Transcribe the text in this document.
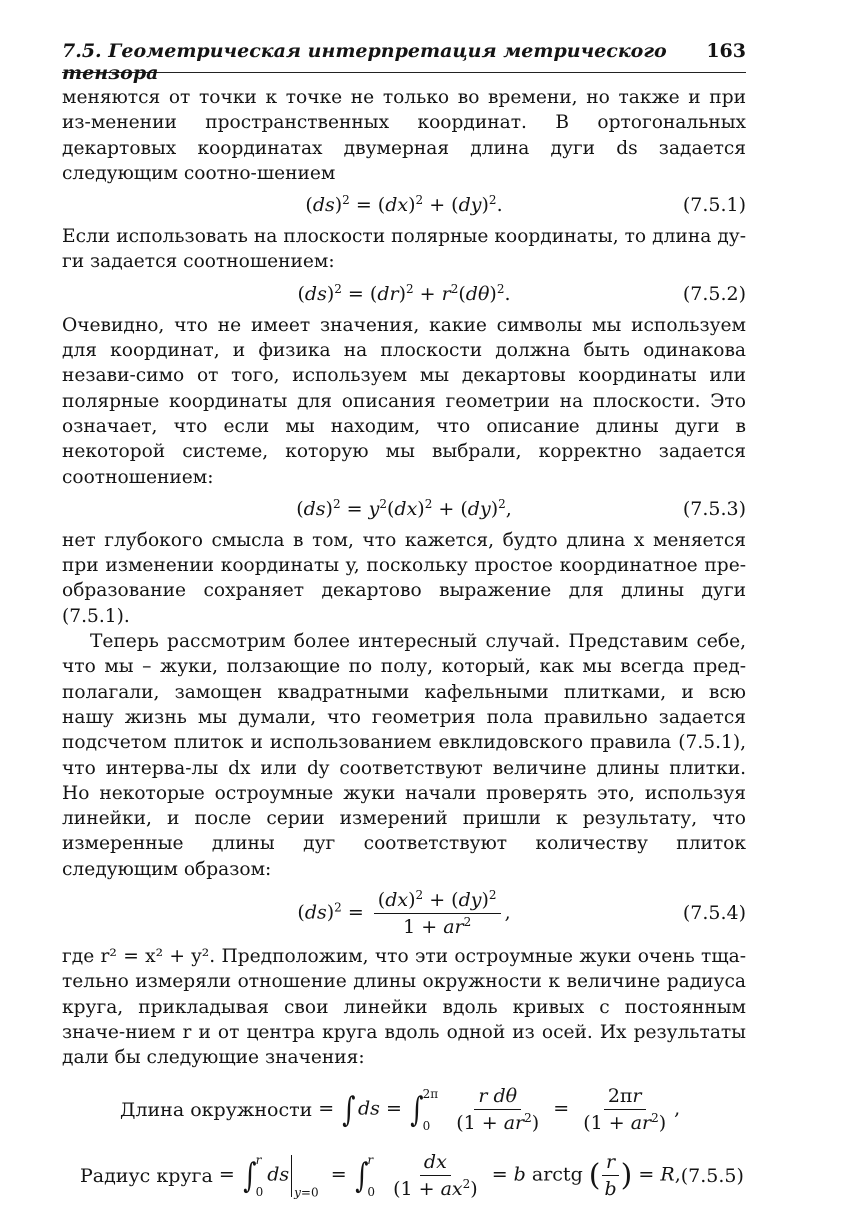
7.5. Геометрическая интерпретация метрического тензора
163

меняются от точки к точке не только во времени, но также и при из-менении пространственных координат. В ортогональных декартовых координатах двумерная длина дуги ds задается следующим соотно-шением

(ds)$^2$ = (dx)$^2$ + (dy)$^2$.	(7.5.1)

Если использовать на плоскости полярные координаты, то длина ду-ги задается соотношением:

$(ds)^2 = (dr)^2 + r^2(d\theta)^2$.	(7.5.2)

Очевидно, что не имеет значения, какие символы мы используем для координат, и физика на плоскости должна быть одинакова незави-симо от того, используем мы декартовы координаты или полярные координаты для описания геометрии на плоскости. Это означает, что если мы находим, что описание длины дуги в некоторой системе, которую мы выбрали, корректно задается соотношением:

$(ds)^2 = y^2(dx)^2 + (dy)^2$,	(7.5.3)

нет глубокого смысла в том, что кажется, будто длина x меняется при изменении координаты y, поскольку простое координатное пре-образование сохраняет декартово выражение для длины дуги (7.5.1).

Теперь рассмотрим более интересный случай. Представим себе, что мы – жуки, ползающие по полу, который, как мы всегда пред-полагали, замощен квадратными кафельными плитками, и всю нашу жизнь мы думали, что геометрия пола правильно задается подсчетом плиток и использованием евклидовского правила (7.5.1), что интерва-лы dx или dy соответствуют величине длины плитки. Но некоторые остроумные жуки начали проверять это, используя линейки, и после серии измерений пришли к результату, что измеренные длины дуг соответствуют количеству плиток следующим образом:

$(ds)^2 = \frac{(dx)^2 + (dy)^2}{1 + ar^2}$ ,	(7.5.4)

где r² = x² + y². Предположим, что эти остроумные жуки очень тща-тельно измеряли отношение длины окружности к величине радиуса круга, прикладывая свои линейки вдоль кривых с постоянным значе-нием r и от центра круга вдоль одной из осей. Их результаты дали бы следующие значения:

Длина окружности = ∫ ds = ∫ 2π
0
	$\frac{\text{r dθ}}{(1 + ar^2)} = \frac{2\pi r}{(1 + ar^2)}$ ,
Радиус круга = ∫ r
0
$ds_{y=0}$  = ∫ r
0
$\frac{dx}{(1 + ax^2)} = b$ arctg ( $\frac{r}{b}$ ) = R, (7.5.5)
